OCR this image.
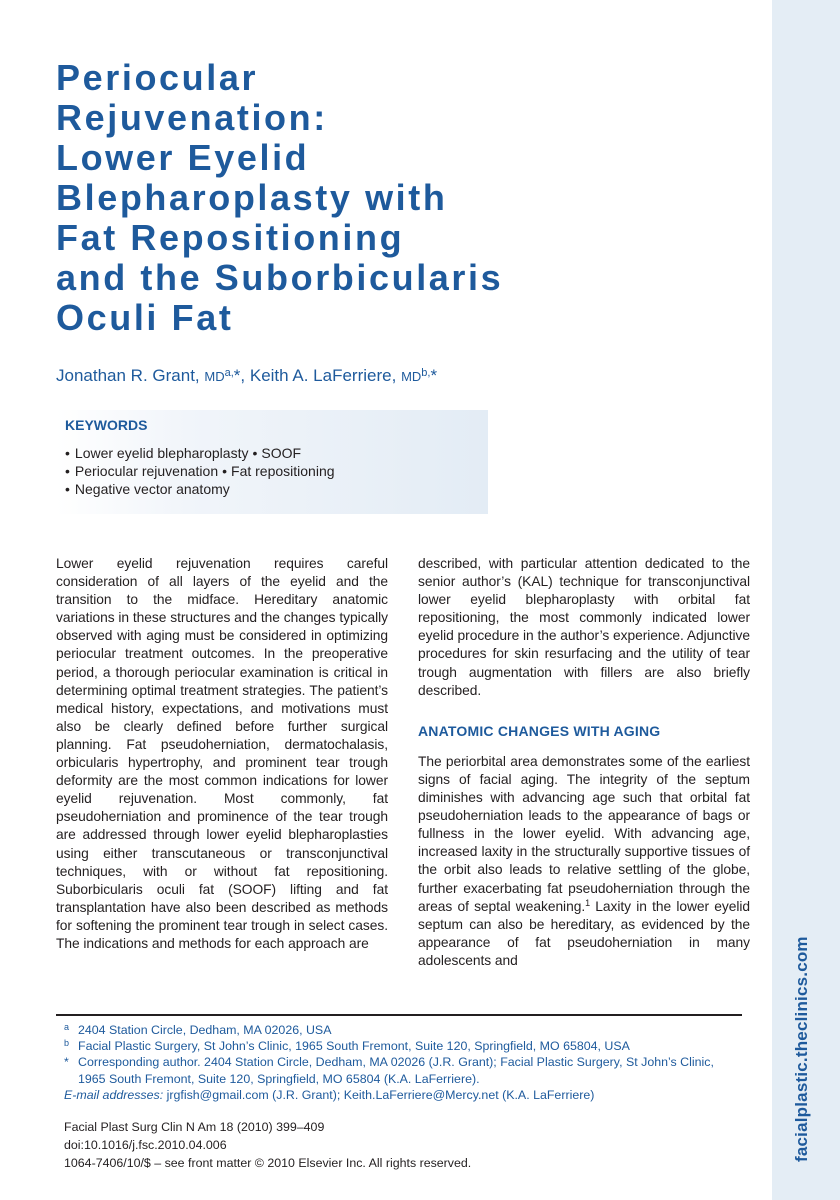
Periocular
Rejuvenation:
Lower Eyelid
Blepharoplasty with
Fat Repositioning
and the Suborbicularis
Oculi Fat
Jonathan R. Grant, $MD^{a,}*$, Keith A. LaFerriere, $MD^{b,}*$
KEYWORDS
• Lower eyelid blepharoplasty • SOOF
• Periocular rejuvenation • Fat repositioning
• Negative vector anatomy

Lower eyelid rejuvenation requires careful consideration of all layers of the eyelid and the transition to the midface. Hereditary anatomic variations in these structures and the changes typically observed with aging must be considered in optimizing periocular treatment outcomes. In the preoperative period, a thorough periocular examination is critical in determining optimal treatment strategies. The patient’s medical history, expectations, and motivations must also be clearly defined before further surgical planning. Fat pseudoherniation, dermatochalasis, orbicularis hypertrophy, and prominent tear trough deformity are the most common indications for lower eyelid rejuvenation. Most commonly, fat pseudoherniation and prominence of the tear trough are addressed through lower eyelid blepharoplasties using either transcutaneous or transconjunctival techniques, with or without fat repositioning. Suborbicularis oculi fat (SOOF) lifting and fat transplantation have also been described as methods for softening the prominent tear trough in select cases. The indications and methods for each approach are

described, with particular attention dedicated to the senior author’s (KAL) technique for transconjunctival lower eyelid blepharoplasty with orbital fat repositioning, the most commonly indicated lower eyelid procedure in the author’s experience. Adjunctive procedures for skin resurfacing and the utility of tear trough augmentation with fillers are also briefly described.

ANATOMIC CHANGES WITH AGING

The periorbital area demonstrates some of the earliest signs of facial aging. The integrity of the septum diminishes with advancing age such that orbital fat pseudoherniation leads to the appearance of bags or fullness in the lower eyelid. With advancing age, increased laxity in the structurally supportive tissues of the orbit also leads to relative settling of the globe, further exacerbating fat pseudoherniation through the areas of septal weakening.$^1$ Laxity in the lower eyelid septum can also be hereditary, as evidenced by the appearance of fat pseudoherniation in many adolescents and

a 2404 Station Circle, Dedham, MA 02026, USA
b Facial Plastic Surgery, St John’s Clinic, 1965 South Fremont, Suite 120, Springfield, MO 65804, USA
* Corresponding author. 2404 Station Circle, Dedham, MA 02026 (J.R. Grant); Facial Plastic Surgery, St John’s Clinic, 1965 South Fremont, Suite 120, Springfield, MO 65804 (K.A. LaFerriere).
E-mail addresses: jrgfish@gmail.com (J.R. Grant); Keith.LaFerriere@Mercy.net (K.A. LaFerriere)
Facial Plast Surg Clin N Am 18 (2010) 399–409
doi:10.1016/j.fsc.2010.04.006
1064-7406/10/$ – see front matter © 2010 Elsevier Inc. All rights reserved.
